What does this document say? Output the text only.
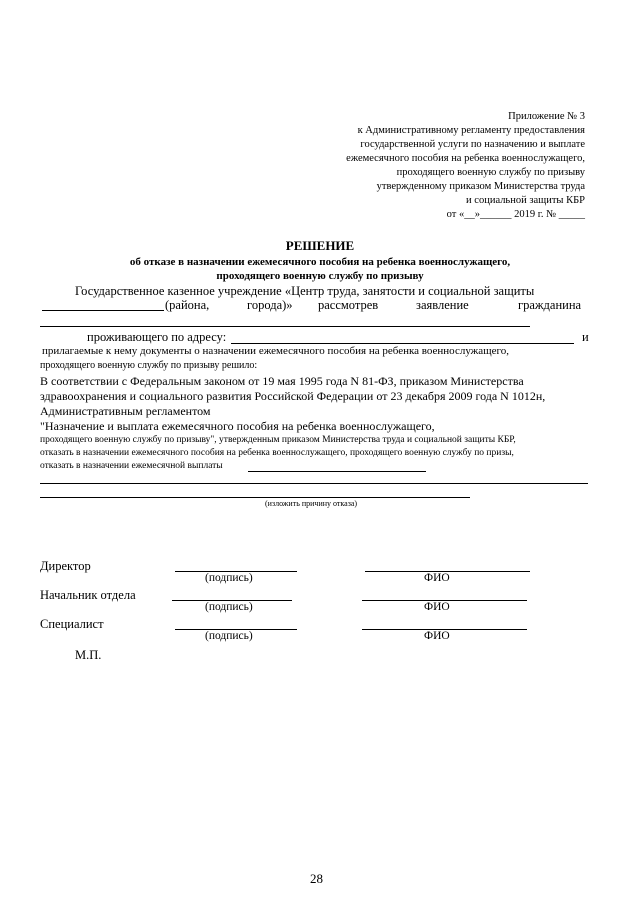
Приложение № 3
к Административному регламенту предоставления
государственной услуги по назначению и выплате
ежемесячного пособия на ребенка военнослужащего,
проходящего военную службу по призыву
утвержденному приказом Министерства труда
и социальной защиты КБР
от «__»______ 2019 г. № _____
РЕШЕНИЕ
об отказе в назначении ежемесячного пособия на ребенка военнослужащего,
проходящего военную службу по призыву
Государственное казенное учреждение «Центр труда, занятости и социальной защиты
(района,	города)» рассмотрев	заявление	гражданина
проживающего по адресу:	и
прилагаемые к нему документы о назначении ежемесячного пособия на ребенка военнослужащего,
проходящего военную службу по призыву решило:
В соответствии с Федеральным законом от 19 мая 1995 года N 81-ФЗ, приказом Министерства
здравоохранения и социального развития Российской Федерации от 23 декабря 2009 года N 1012н,
Административным регламентом
"Назначение и выплата ежемесячного пособия на ребенка военнослужащего,
проходящего военную службу по призыву", утвержденным приказом Министерства труда и социальной защиты КБР,
отказать в назначении ежемесячного пособия на ребенка военнослужащего, проходящего военную службу по призы,
отказать в назначении ежемесячной выплаты
(изложить причину отказа)
Директор
(подпись)	ФИО
Начальник отдела
(подпись)	ФИО
Специалист
(подпись)	ФИО
М.П.
28
